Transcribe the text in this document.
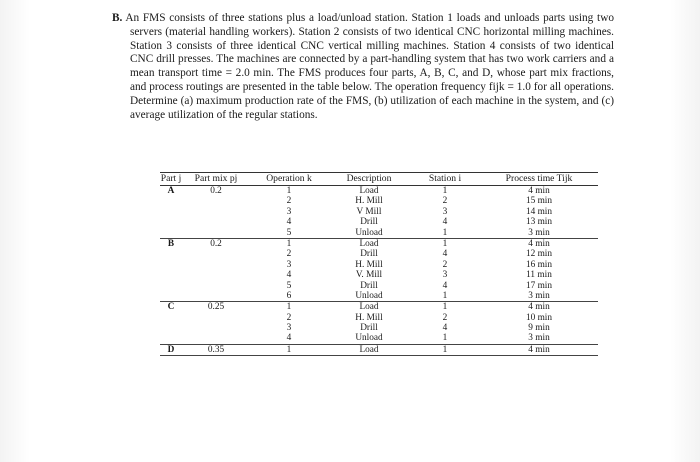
B. An FMS consists of three stations plus a load/unload station. Station 1 loads and unloads parts using two servers (material handling workers). Station 2 consists of two identical CNC horizontal milling machines. Station 3 consists of three identical CNC vertical milling machines. Station 4 consists of two identical CNC drill presses. The machines are connected by a part-handling system that has two work carriers and a mean transport time = 2.0 min. The FMS produces four parts, A, B, C, and D, whose part mix fractions, and process routings are presented in the table below. The operation frequency fijk = 1.0 for all operations. Determine (a) maximum production rate of the FMS, (b) utilization of each machine in the system, and (c) average utilization of the regular stations.

Part j	Part mix pj	Operation k	Description	Station i	Process time Tijk
A	0.2	1	Load	1	4 min
		2	H. Mill	2	15 min
		3	V Mill	3	14 min
		4	Drill	4	13 min
		5	Unload	1	3 min
B	0.2	1	Load	1	4 min
		2	Drill	4	12 min
		3	H. Mill	2	16 min
		4	V. Mill	3	11 min
		5	Drill	4	17 min
		6	Unload	1	3 min
C	0.25	1	Load	1	4 min
		2	H. Mill	2	10 min
		3	Drill	4	9 min
		4	Unload	1	3 min
D	0.35	1	Load	1	4 min
